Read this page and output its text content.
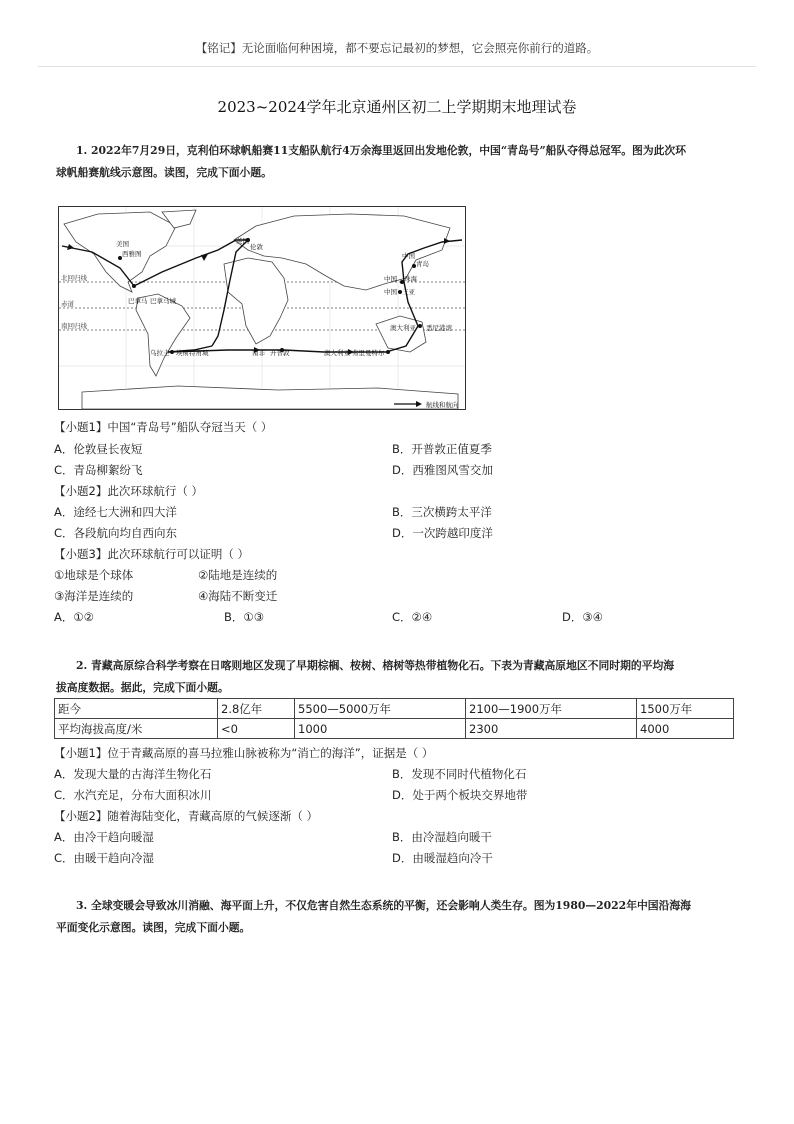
【铭记】无论面临何种困境，都不要忘记最初的梦想，它会照亮你前行的道路。
2023~2024学年北京通州区初二上学期期末地理试卷
1. 2022年7月29日，克利伯环球帆船赛11支船队航行4万余海里返回出发地伦敦，中国“青岛号”船队夺得总冠军。图为此次环
球帆船赛航线示意图。读图，完成下面小题。
北回归线
赤道
南回归线
美国
西雅图
英国
伦敦
中国
青岛
中国 珠海
中国 三亚
巴拿马 巴拿马城
乌拉圭 埃斯特角城	南非 开普敦	澳大利亚 弗里曼特尔
澳大利亚 悉尼港湾
航线和航向
【小题1】中国“青岛号”船队夺冠当天（ ）
A．伦敦昼长夜短	B．开普敦正值夏季
C．青岛柳絮纷飞	D．西雅图风雪交加
【小题2】此次环球航行（ ）
A．途经七大洲和四大洋	B．三次横跨太平洋
C．各段航向均自西向东	D．一次跨越印度洋
【小题3】此次环球航行可以证明（ ）
①地球是个球体	②陆地是连续的
③海洋是连续的	④海陆不断变迁
A．①②	B．①③	C．②④	D．③④
2. 青藏高原综合科学考察在日喀则地区发现了早期棕榈、桉树、榕树等热带植物化石。下表为青藏高原地区不同时期的平均海
拔高度数据。据此，完成下面小题。
距今	2.8亿年	5500—5000万年	2100—1900万年	1500万年
平均海拔高度/米	<0	1000	2300	4000
【小题1】位于青藏高原的喜马拉雅山脉被称为“消亡的海洋”，证据是（ ）
A．发现大量的古海洋生物化石	B．发现不同时代植物化石
C．水汽充足，分布大面积冰川	D．处于两个板块交界地带
【小题2】随着海陆变化，青藏高原的气候逐渐（ ）
A．由冷干趋向暖湿	B．由冷湿趋向暖干
C．由暖干趋向冷湿	D．由暖湿趋向冷干
3. 全球变暖会导致冰川消融、海平面上升，不仅危害自然生态系统的平衡，还会影响人类生存。图为1980—2022年中国沿海海
平面变化示意图。读图，完成下面小题。
